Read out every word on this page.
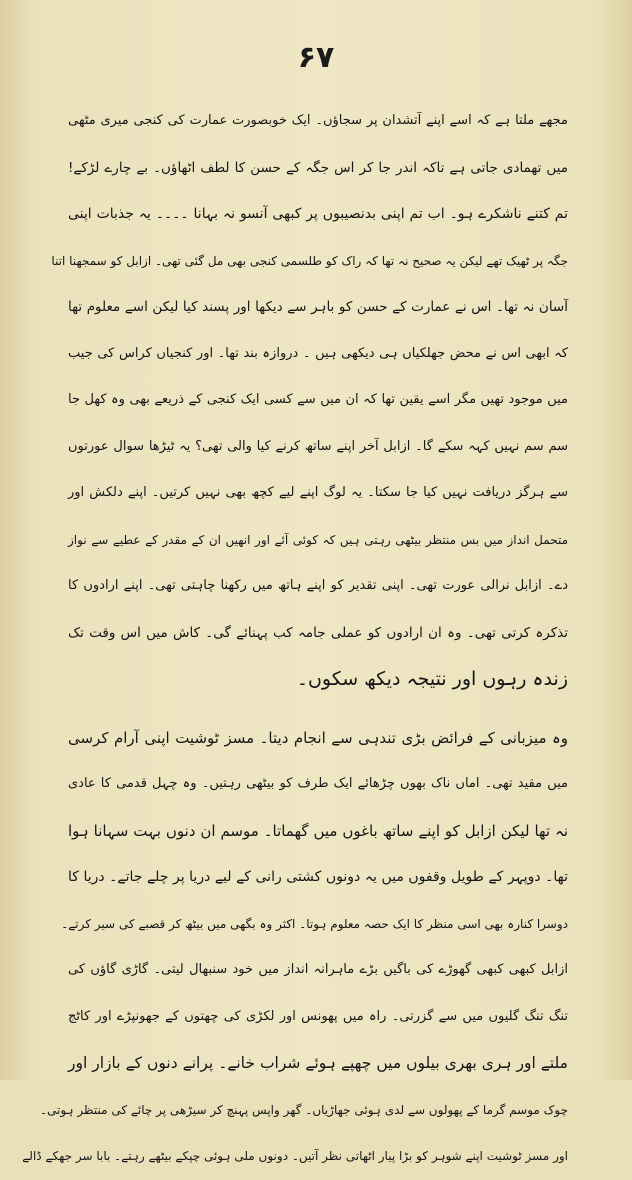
۶۷
مجھے ملتا ہے کہ اسے اپنے آتشدان پر سجاؤں۔ ایک خوبصورت عمارت کی کنجی میری مٹھی
میں تھمادی جاتی ہے تاکہ اندر جا کر اس جگہ کے حسن کا لطف اٹھاؤں۔ بے چارے لڑکے!
تم کتنے ناشکرے ہو۔ اب تم اپنی بدنصیبوں پر کبھی آنسو نہ بہانا ۔۔۔۔ یہ جذبات اپنی
جگہ پر ٹھیک تھے لیکن یہ صحیح نہ تھا کہ راک کو طلسمی کنجی بھی مل گئی تھی۔ ازابل کو سمجھنا اتنا
آسان نہ تھا۔ اس نے عمارت کے حسن کو باہر سے دیکھا اور پسند کیا لیکن اسے معلوم تھا
کہ ابھی اس نے محض جھلکیاں ہی دیکھی ہیں ۔ دروازہ بند تھا۔ اور کنجیاں کراس کی جیب
میں موجود تھیں مگر اسے یقین تھا کہ ان میں سے کسی ایک کنجی کے ذریعے بھی وہ کھل جا
سم سم نہیں کہہ سکے گا۔ ازابل آخر اپنے ساتھ کرنے کیا والی تھی؟ یہ ٹیڑھا سوال عورتوں
سے ہرگز دریافت نہیں کیا جا سکتا۔ یہ لوگ اپنے لیے کچھ بھی نہیں کرتیں۔ اپنے دلکش اور
متحمل انداز میں بس منتظر بیٹھی رہتی ہیں کہ کوئی آئے اور انھیں ان کے مقدر کے عطیے سے نواز
دے۔ ازابل نرالی عورت تھی۔ اپنی تقدیر کو اپنے ہاتھ میں رکھنا چاہتی تھی۔ اپنے ارادوں کا
تذکرہ کرتی تھی۔ وہ ان ارادوں کو عملی جامہ کب پہنائے گی۔ کاش میں اس وقت تک
زندہ رہوں اور نتیجہ دیکھ سکوں۔
وہ میزبانی کے فرائض بڑی تندہی سے انجام دیتا۔ مسز ٹوشیت اپنی آرام کرسی
میں مقید تھی۔ اماں ناک بھوں چڑھائے ایک طرف کو بیٹھی رہتیں۔ وہ چہل قدمی کا عادی
نہ تھا لیکن ازابل کو اپنے ساتھ باغوں میں گھماتا۔ موسم ان دنوں بہت سہانا ہوا
تھا۔ دوپہر کے طویل وقفوں میں یہ دونوں کشتی رانی کے لیے دریا پر چلے جاتے۔ دریا کا
دوسرا کنارہ بھی اسی منظر کا ایک حصہ معلوم ہوتا۔ اکثر وہ بگھی میں بیٹھ کر قصبے کی سیر کرتے۔
ازابل کبھی کبھی گھوڑے کی باگیں بڑے ماہرانہ انداز میں خود سنبھال لیتی۔ گاڑی گاؤں کی
تنگ تنگ گلیوں میں سے گزرتی۔ راہ میں پھونس اور لکڑی کی چھتوں کے جھونپڑے اور کاٹج
ملتے اور ہری بھری بیلوں میں چھپے ہوئے شراب خانے۔ پرانے دنوں کے بازار اور
چوک موسم گرما کے پھولوں سے لدی ہوئی جھاڑیاں۔ گھر واپس پہنچ کر سیڑھی پر چائے کی منتظر ہوتی۔
اور مسز ٹوشیت اپنے شوہر کو بڑا پیار اٹھاتی نظر آتیں۔ دونوں ملی ہوئی چپکے بیٹھے رہتے۔ بابا سر جھکے ڈالے
